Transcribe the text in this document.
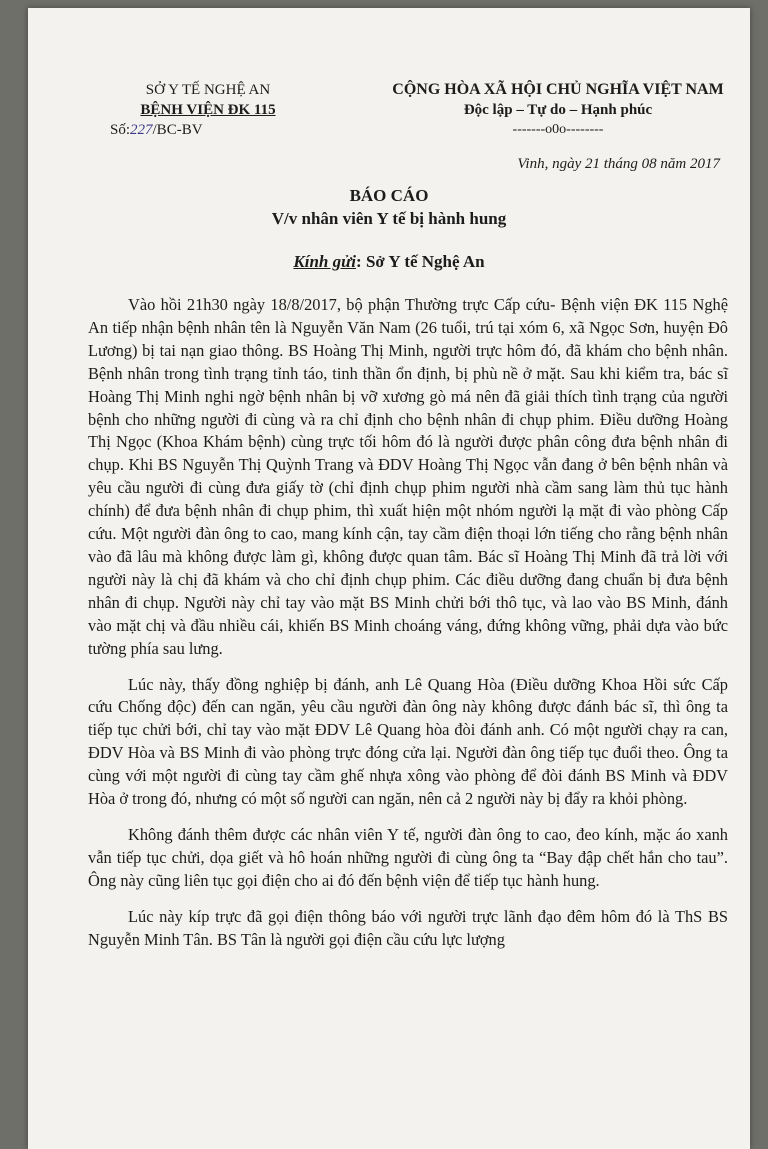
SỞ Y TẾ NGHỆ AN
BỆNH VIỆN ĐK 115
Số:227/BC-BV
CỘNG HÒA XÃ HỘI CHỦ NGHĨA VIỆT NAM
Độc lập – Tự do – Hạnh phúc
-------o0o--------
Vinh, ngày 21 tháng 08 năm 2017
BÁO CÁO
V/v nhân viên Y tế bị hành hung
Kính gửi: Sở Y tế Nghệ An

Vào hồi 21h30 ngày 18/8/2017, bộ phận Thường trực Cấp cứu- Bệnh viện ĐK 115 Nghệ An tiếp nhận bệnh nhân tên là Nguyễn Văn Nam (26 tuổi, trú tại xóm 6, xã Ngọc Sơn, huyện Đô Lương) bị tai nạn giao thông. BS Hoàng Thị Minh, người trực hôm đó, đã khám cho bệnh nhân. Bệnh nhân trong tình trạng tỉnh táo, tinh thần ổn định, bị phù nề ở mặt. Sau khi kiểm tra, bác sĩ Hoàng Thị Minh nghi ngờ bệnh nhân bị vỡ xương gò má nên đã giải thích tình trạng của người bệnh cho những người đi cùng và ra chỉ định cho bệnh nhân đi chụp phim. Điều dưỡng Hoàng Thị Ngọc (Khoa Khám bệnh) cùng trực tối hôm đó là người được phân công đưa bệnh nhân đi chụp. Khi BS Nguyễn Thị Quỳnh Trang và ĐDV Hoàng Thị Ngọc vẫn đang ở bên bệnh nhân và yêu cầu người đi cùng đưa giấy tờ (chỉ định chụp phim người nhà cầm sang làm thủ tục hành chính) để đưa bệnh nhân đi chụp phim, thì xuất hiện một nhóm người lạ mặt đi vào phòng Cấp cứu. Một người đàn ông to cao, mang kính cận, tay cầm điện thoại lớn tiếng cho rằng bệnh nhân vào đã lâu mà không được làm gì, không được quan tâm. Bác sĩ Hoàng Thị Minh đã trả lời với người này là chị đã khám và cho chỉ định chụp phim. Các điều dưỡng đang chuẩn bị đưa bệnh nhân đi chụp. Người này chỉ tay vào mặt BS Minh chửi bới thô tục, và lao vào BS Minh, đánh vào mặt chị và đầu nhiều cái, khiến BS Minh choáng váng, đứng không vững, phải dựa vào bức tường phía sau lưng.

Lúc này, thấy đồng nghiệp bị đánh, anh Lê Quang Hòa (Điều dưỡng Khoa Hồi sức Cấp cứu Chống độc) đến can ngăn, yêu cầu người đàn ông này không được đánh bác sĩ, thì ông ta tiếp tục chửi bới, chỉ tay vào mặt ĐDV Lê Quang hòa đòi đánh anh. Có một người chạy ra can, ĐDV Hòa và BS Minh đi vào phòng trực đóng cửa lại. Người đàn ông tiếp tục đuổi theo. Ông ta cùng với một người đi cùng tay cầm ghế nhựa xông vào phòng để đòi đánh BS Minh và ĐDV Hòa ở trong đó, nhưng có một số người can ngăn, nên cả 2 người này bị đẩy ra khỏi phòng.

Không đánh thêm được các nhân viên Y tế, người đàn ông to cao, đeo kính, mặc áo xanh vẫn tiếp tục chửi, dọa giết và hô hoán những người đi cùng ông ta “Bay đập chết hắn cho tau”. Ông này cũng liên tục gọi điện cho ai đó đến bệnh viện để tiếp tục hành hung.

Lúc này kíp trực đã gọi điện thông báo với người trực lãnh đạo đêm hôm đó là ThS BS Nguyễn Minh Tân. BS Tân là người gọi điện cầu cứu lực lượng
